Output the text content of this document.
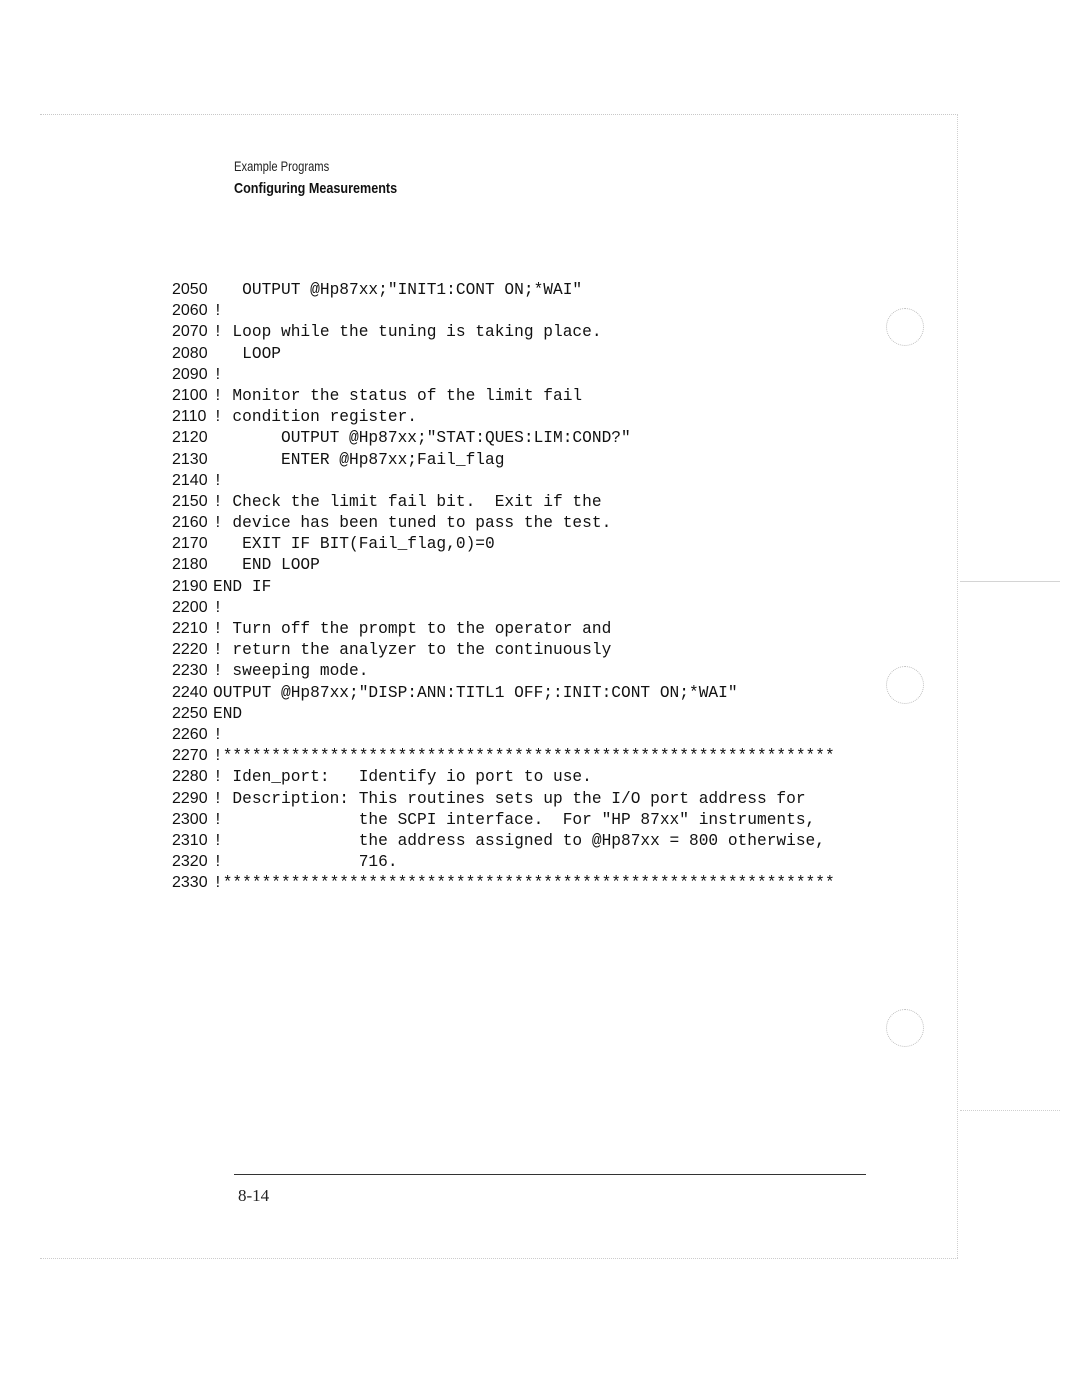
Example Programs
Configuring Measurements
2050   OUTPUT @Hp87xx;"INIT1:CONT ON;*WAI"
2060 !
2070 ! Loop while the tuning is taking place.
2080   LOOP
2090 !
2100 ! Monitor the status of the limit fail
2110 ! condition register.
2120       OUTPUT @Hp87xx;"STAT:QUES:LIM:COND?"
2130       ENTER @Hp87xx;Fail_flag
2140 !
2150 ! Check the limit fail bit.  Exit if the
2160 ! device has been tuned to pass the test.
2170   EXIT IF BIT(Fail_flag,0)=0
2180   END LOOP
2190 END IF
2200 !
2210 ! Turn off the prompt to the operator and
2220 ! return the analyzer to the continuously
2230 ! sweeping mode.
2240 OUTPUT @Hp87xx;"DISP:ANN:TITL1 OFF;:INIT:CONT ON;*WAI"
2250 END
2260 !
2270 !***************************************************************
2280 ! Iden_port:   Identify io port to use.
2290 ! Description: This routines sets up the I/O port address for
2300 !              the SCPI interface.  For "HP 87xx" instruments,
2310 !              the address assigned to @Hp87xx = 800 otherwise,
2320 !              716.
2330 !***************************************************************
8-14
